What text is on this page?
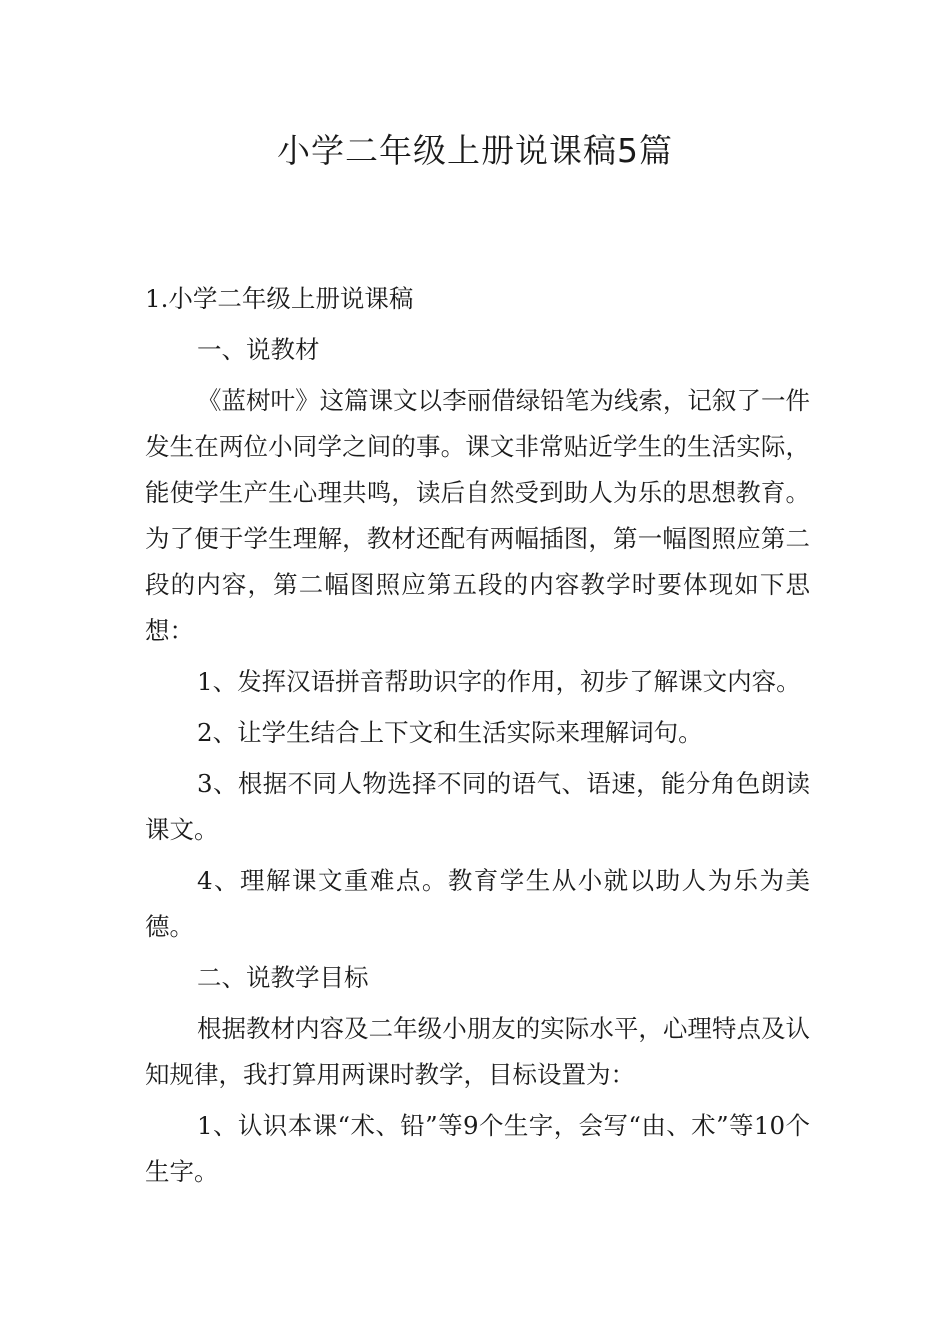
小学二年级上册说课稿5篇

1.小学二年级上册说课稿

一、说教材

《蓝树叶》这篇课文以李丽借绿铅笔为线索，记叙了一件发生在两位小同学之间的事。课文非常贴近学生的生活实际，能使学生产生心理共鸣，读后自然受到助人为乐的思想教育。为了便于学生理解，教材还配有两幅插图，第一幅图照应第二段的内容，第二幅图照应第五段的内容教学时要体现如下思想：

1、发挥汉语拼音帮助识字的作用，初步了解课文内容。

2、让学生结合上下文和生活实际来理解词句。

3、根据不同人物选择不同的语气、语速，能分角色朗读课文。

4、理解课文重难点。教育学生从小就以助人为乐为美德。

二、说教学目标

根据教材内容及二年级小朋友的实际水平，心理特点及认知规律，我打算用两课时教学，目标设置为：

1、认识本课“术、铅”等9个生字，会写“由、术”等10个生字。
